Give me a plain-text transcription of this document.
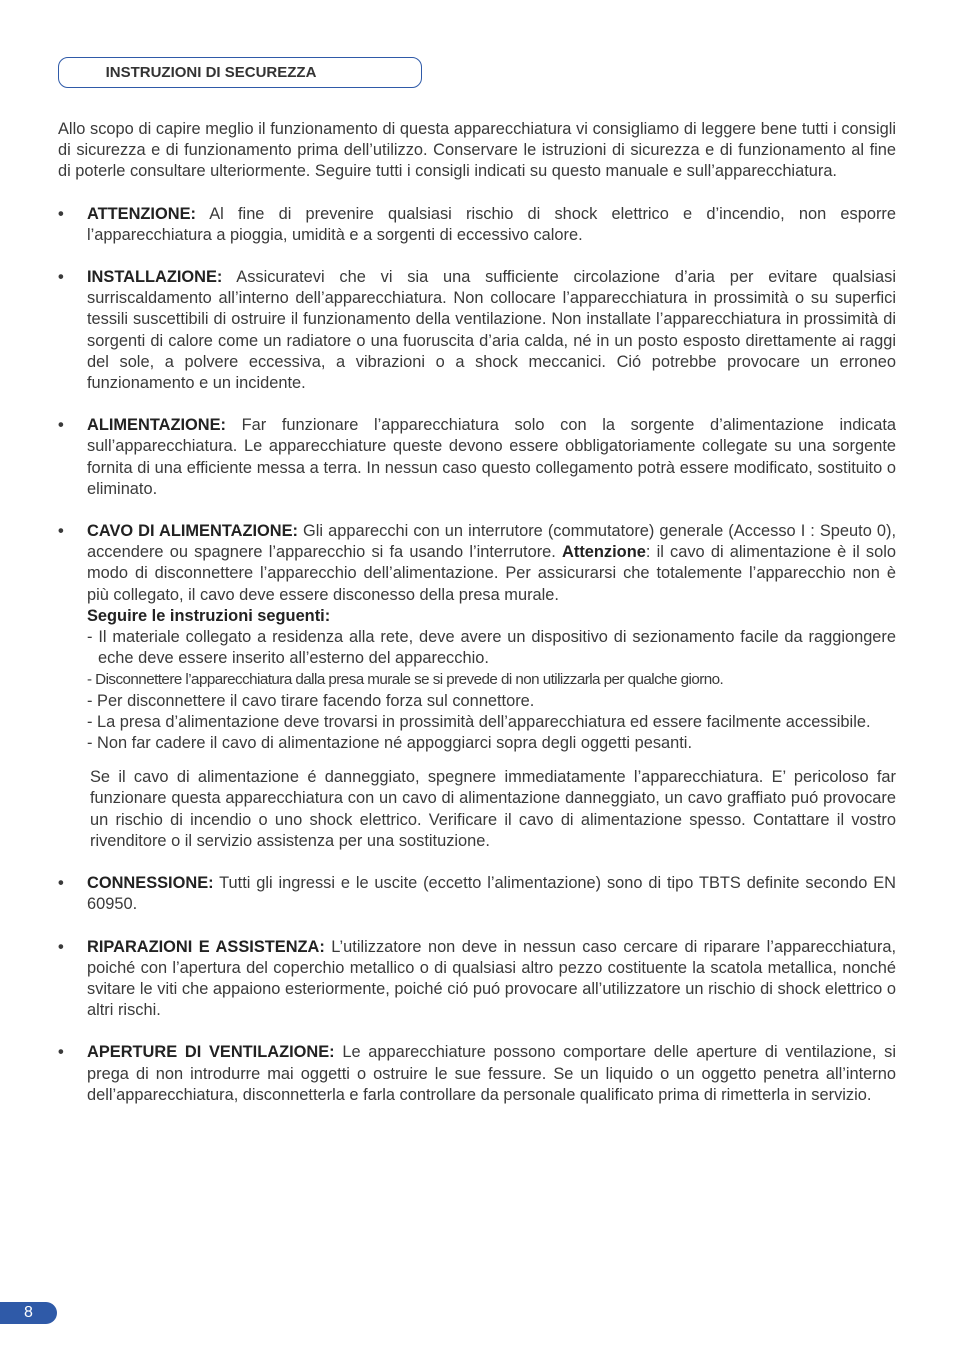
INSTRUZIONI DI SECUREZZA

Allo scopo di capire meglio il funzionamento di questa apparecchiatura vi consigliamo di leggere bene tutti i consigli di sicurezza e di funzionamento prima dell’utilizzo. Conservare le istruzioni di sicurezza e di funzionamento al fine di poterle consultare ulteriormente. Seguire tutti i consigli indicati su questo manuale e sull’apparecchiatura.

• ATTENZIONE: Al fine di prevenire qualsiasi rischio di shock elettrico e d’incendio, non esporre l’apparecchiatura a pioggia, umidità e a sorgenti di eccessivo calore.

• INSTALLAZIONE: Assicuratevi che vi sia una sufficiente circolazione d’aria per evitare qualsiasi surriscaldamento all’interno dell’apparecchiatura. Non collocare l’apparecchiatura in prossimità o su superfici tessili suscettibili di ostruire il funzionamento della ventilazione. Non installate l’apparecchiatura in prossimità di sorgenti di calore come un radiatore o una fuoruscita d’aria calda, né in un posto esposto direttamente ai raggi del sole, a polvere eccessiva, a vibrazioni o a shock meccanici. Ció potrebbe provocare un erroneo funzionamento e un incidente.

• ALIMENTAZIONE: Far funzionare l’apparecchiatura solo con la sorgente d’alimentazione indicata sull’apparecchiatura. Le apparecchiature queste devono essere obbligatoriamente collegate su una sorgente fornita di una efficiente messa a terra. In nessun caso questo collegamento potrà essere modificato, sostituito o eliminato.

• CAVO DI ALIMENTAZIONE: Gli apparecchi con un interrutore (commutatore) generale (Accesso I : Speuto 0), accendere ou spagnere l’apparecchio si fa usando l’interrutore. Attenzione: il cavo di alimentazione è il solo modo di disconnettere l’apparecchio dell’alimentazione. Per assicurarsi che totalemente l’apparecchio non è più collegato, il cavo deve essere disconesso della presa murale.

Seguire le instruzioni seguenti:

- Il materiale collegato a residenza alla rete, deve avere un dispositivo di sezionamento facile da raggiongere eche deve essere inserito all’esterno del apparecchio.

- Disconnettere l’apparecchiatura dalla presa murale se si prevede di non utilizzarla per qualche giorno.

- Per disconnettere il cavo tirare facendo forza sul connettore.

- La presa d’alimentazione deve trovarsi in prossimità dell’apparecchiatura ed essere facilmente accessibile.

- Non far cadere il cavo di alimentazione né appoggiarci sopra degli oggetti pesanti.

Se il cavo di alimentazione é danneggiato, spegnere immediatamente l’apparecchiatura. E’ pericoloso far funzionare questa apparecchiatura con un cavo di alimentazione danneggiato, un cavo graffiato puó provocare un rischio di incendio o uno shock elettrico. Verificare il cavo di alimentazione spesso. Contattare il vostro rivenditore o il servizio assistenza per una sostituzione.

• CONNESSIONE: Tutti gli ingressi e le uscite (eccetto l’alimentazione) sono di tipo TBTS definite secondo EN 60950.

• RIPARAZIONI E ASSISTENZA: L’utilizzatore non deve in nessun caso cercare di riparare l’apparecchiatura, poiché con l’apertura del coperchio metallico o di qualsiasi altro pezzo costituente la scatola metallica, nonché svitare le viti che appaiono esteriormente, poiché ció puó provocare all’utilizzatore un rischio di shock elettrico o altri rischi.

• APERTURE DI VENTILAZIONE: Le apparecchiature possono comportare delle aperture di ventilazione, si prega di non introdurre mai oggetti o ostruire le sue fessure. Se un liquido o un oggetto penetra all’interno dell’apparecchiatura, disconnetterla e farla controllare da personale qualificato prima di rimetterla in servizio.

8
